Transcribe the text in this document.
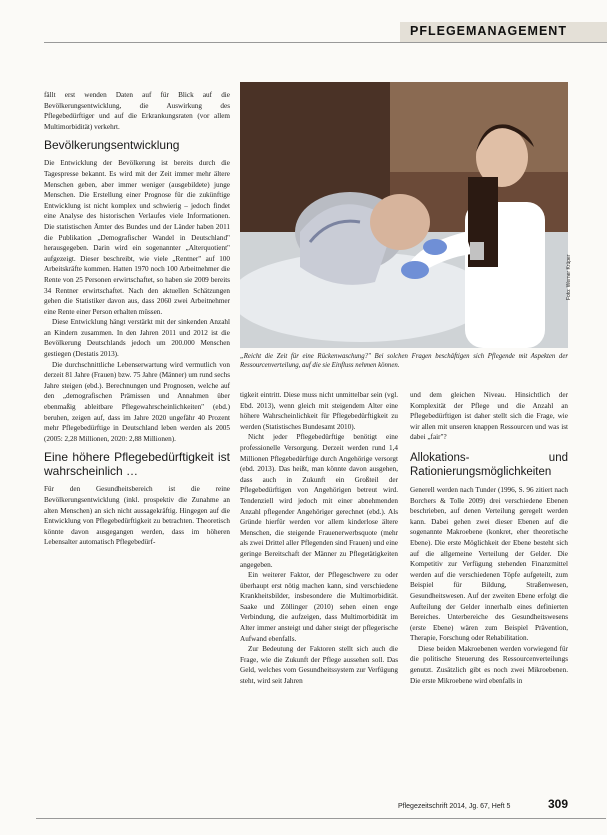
PFLEGEMANAGEMENT

fällt erst wenden Daten auf für Blick auf die Bevölkerungsentwicklung, die Auswirkung des Pflegebedürftiger und auf die Erkrankungsraten (vor allem Multimorbidität) verkehrt.

Bevölkerungsentwicklung

Die Entwicklung der Bevölkerung ist bereits durch die Tagespresse bekannt. Es wird mit der Zeit immer mehr ältere Menschen geben, aber immer weniger (ausgebildete) junge Menschen. Die Erstellung einer Prognose für die zukünftige Entwicklung ist nicht komplex und schwierig – jedoch findet eine Analyse des historischen Verlaufes viele Informationen. Die statistischen Ämter des Bundes und der Länder haben 2011 die Publikation „Demografischer Wandel in Deutschland" herausgegeben. Darin wird ein sogenannter „Alterquotient" aufgezeigt. Dieser beschreibt, wie viele „Rentner" auf 100 Arbeitskräfte kommen. Hatten 1970 noch 100 Arbeitnehmer die Rente von 25 Personen erwirtschaftet, so haben sie 2009 bereits 34 Rentner erwirtschaftet. Nach den aktuellen Schätzungen gehen die Statistiker davon aus, dass 2060 zwei Arbeitnehmer eine Rente einer Person erhalten müssen.

Diese Entwicklung hängt verstärkt mit der sinkenden Anzahl an Kindern zusammen. In den Jahren 2011 und 2012 ist die Bevölkerung Deutschlands jedoch um 200.000 Menschen gestiegen (Destatis 2013).

Die durchschnittliche Lebenserwartung wird vermutlich von derzeit 81 Jahre (Frauen) bzw. 75 Jahre (Männer) um rund sechs Jahre steigen (ebd.). Berechnungen und Prognosen, welche auf den „demografischen Prämissen und Annahmen über ebenmaßig ableitbare Pflegewahrscheinlichkeiten" (ebd.) beruhen, zeigen auf, dass im Jahre 2020 ungefähr 40 Prozent mehr Pflegebedürftige in Deutschland leben werden als 2005 (2005: 2,28 Millionen, 2020: 2,88 Millionen).

Eine höhere Pflegebedürftigkeit ist wahrscheinlich …

Für den Gesundheitsbereich ist die reine Bevölkerungsentwicklung (inkl. prospektiv die Zunahme an alten Menschen) an sich nicht aussagekräftig. Hingegen auf die Entwicklung von Pflegebedürftigkeit zu betrachten. Theoretisch könnte davon ausgegangen werden, dass im höheren Lebensalter automatisch Pflegebedürf-

Foto: Werner Krüper
„Reicht die Zeit für eine Rückenwaschung?" Bei solchen Fragen beschäftigen sich Pflegende mit Aspekten der Ressourcenverteilung, auf die sie Einfluss nehmen können.

tigkeit eintritt. Diese muss nicht unmittelbar sein (vgl. Ebd. 2013), wenn gleich mit steigendem Alter eine höhere Wahrscheinlichkeit für Pflegebedürftigkeit zu werden (Statistisches Bundesamt 2010).

Nicht jeder Pflegebedürftige benötigt eine professionelle Versorgung. Derzeit werden rund 1,4 Millionen Pflegebedürftige durch Angehörige versorgt (ebd. 2013). Das heißt, man könnte davon ausgehen, dass auch in Zukunft ein Großteil der Pflegebedürftigen von Angehörigen betreut wird. Tendenziell wird jedoch mit einer abnehmenden Anzahl pflegender Angehöriger gerechnet (ebd.). Als Gründe hierfür werden vor allem kinderlose ältere Menschen, die steigende Frauenerwerbsquote (mehr als zwei Drittel aller Pflegenden sind Frauen) und eine geringe Bereitschaft der Männer zu Pflegetätigkeiten angegeben.

Ein weiterer Faktor, der Pflegeschwere zu oder überhaupt erst nötig machen kann, sind verschiedene Krankheitsbilder, insbesondere die Multimorbidität. Saake und Zöllinger (2010) sehen einen enge Verbindung, die aufzeigen, dass Multimorbidität im Alter immer ansteigt und daher steigt der pflegerische Aufwand ebenfalls.

Zur Bedeutung der Faktoren stellt sich auch die Frage, wie die Zukunft der Pflege aussehen soll. Das Geld, welches vom Gesundheitssystem zur Verfügung steht, wird seit Jahren

und dem gleichen Niveau. Hinsichtlich der Komplexität der Pflege und die Anzahl an Pflegebedürftigen ist daher stellt sich die Frage, wie wir allen mit unseren knappen Ressourcen und was ist dabei „fair"?

Allokations- und Rationierungsmöglichkeiten

Generell werden nach Tunder (1996, S. 96 zitiert nach Borchers & Tolle 2009) drei verschiedene Ebenen beschrieben, auf denen Verteilung geregelt werden kann. Dabei gehen zwei dieser Ebenen auf die sogenannte Makroebene (konkret, eher theoretische Ebene). Die erste Möglichkeit der Ebene besteht sich auf die allgemeine Verteilung der Gelder. Die Kompetitiv zur Verfügung stehenden Finanzmittel werden auf die verschiedenen Töpfe aufgeteilt, zum Beispiel für Bildung, Straßenwesen, Gesundheitswesen. Auf der zweiten Ebene erfolgt die Aufteilung der Gelder innerhalb eines definierten Bereiches. Unterbereiche des Gesundheitswesens (erste Ebene) wären zum Beispiel Prävention, Therapie, Forschung oder Rehabilitation.

Diese beiden Makroebenen werden vorwiegend für die politische Steuerung des Ressourcenverteilungs genutzt. Zusätzlich gibt es noch zwei Mikroebenen. Die erste Mikroebene wird ebenfalls in

Pflegezeitschrift 2014, Jg. 67, Heft 5	309
